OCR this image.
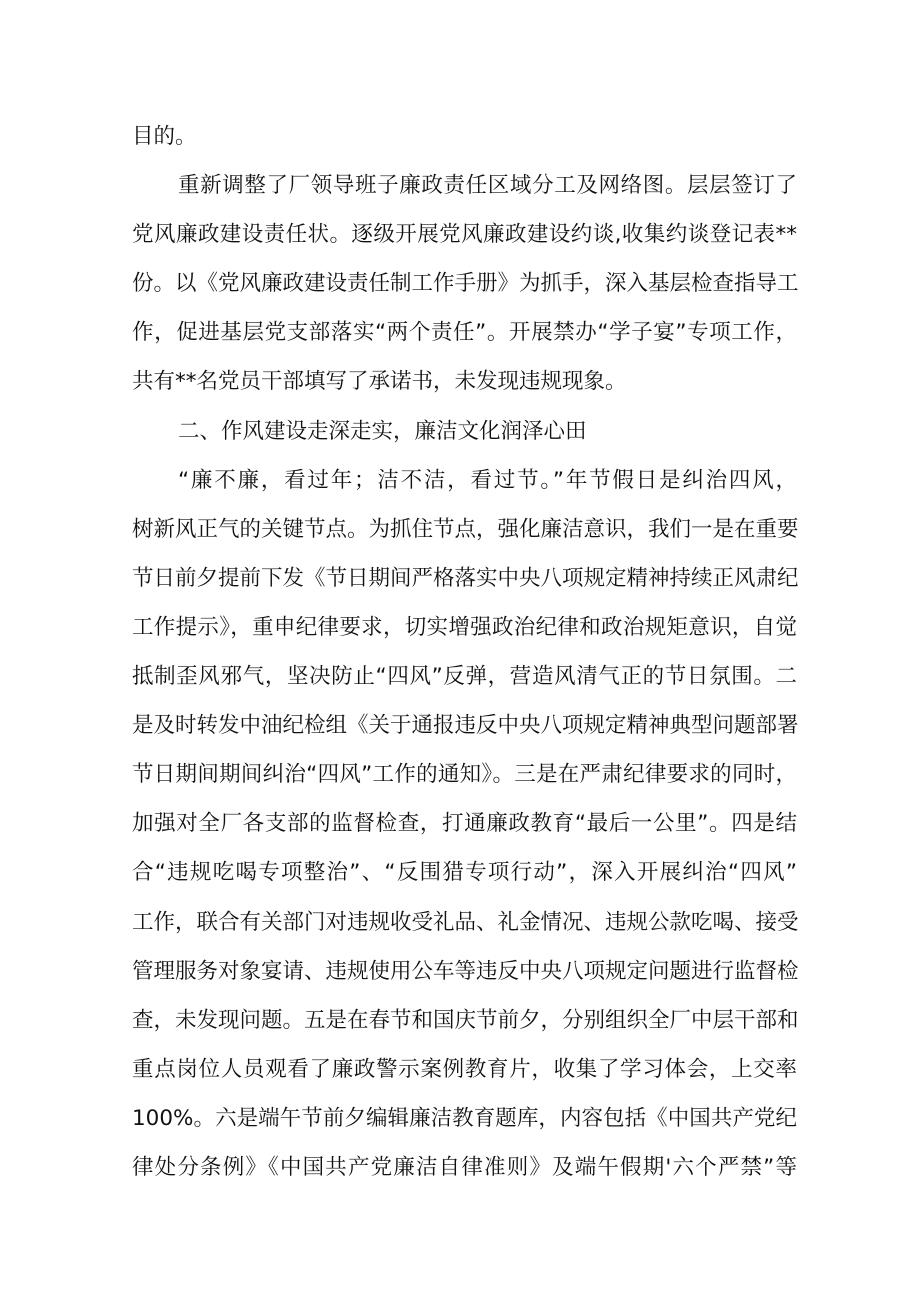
目的。
重新调整了厂领导班子廉政责任区域分工及网络图。层层签订了
党风廉政建设责任状。逐级开展党风廉政建设约谈,收集约谈登记表**
份。以《党风廉政建设责任制工作手册》为抓手，深入基层检查指导工
作，促进基层党支部落实“两个责任”。开展禁办“学子宴”专项工作，
共有**名党员干部填写了承诺书，未发现违规现象。
二、作风建设走深走实，廉洁文化润泽心田
“廉不廉，看过年；洁不洁，看过节。”年节假日是纠治四风，
树新风正气的关键节点。为抓住节点，强化廉洁意识，我们一是在重要
节日前夕提前下发《节日期间严格落实中央八项规定精神持续正风肃纪
工作提示》，重申纪律要求，切实增强政治纪律和政治规矩意识，自觉
抵制歪风邪气，坚决防止“四风”反弹，营造风清气正的节日氛围。二
是及时转发中油纪检组《关于通报违反中央八项规定精神典型问题部署
节日期间期间纠治“四风”工作的通知》。三是在严肃纪律要求的同时，
加强对全厂各支部的监督检查，打通廉政教育“最后一公里”。四是结
合“违规吃喝专项整治”、“反围猎专项行动”，深入开展纠治“四风”
工作，联合有关部门对违规收受礼品、礼金情况、违规公款吃喝、接受
管理服务对象宴请、违规使用公车等违反中央八项规定问题进行监督检
查，未发现问题。五是在春节和国庆节前夕，分别组织全厂中层干部和
重点岗位人员观看了廉政警示案例教育片，收集了学习体会，上交率
100%。六是端午节前夕编辑廉洁教育题库，内容包括《中国共产党纪
律处分条例》《中国共产党廉洁自律准则》及端午假期'六个严禁”等
